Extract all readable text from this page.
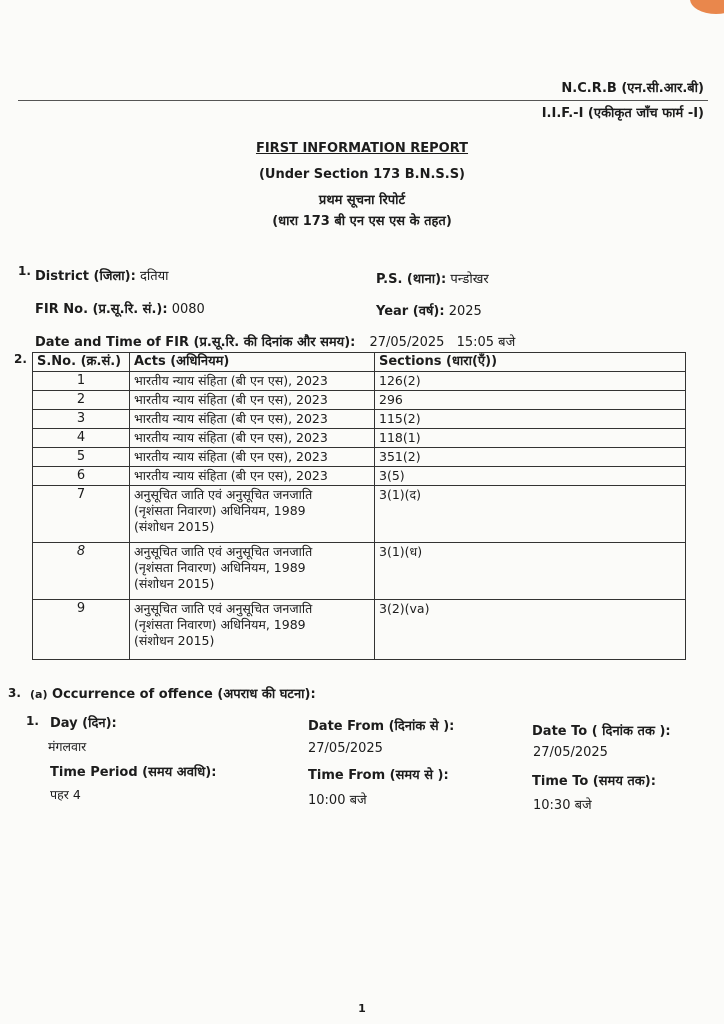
N.C.R.B (एन.सी.आर.बी)
I.I.F.-I (एकीकृत जाँच फार्म -I)
FIRST INFORMATION REPORT
(Under Section 173 B.N.S.S)
प्रथम सूचना रिपोर्ट
(धारा 173 बी एन एस एस के तहत)
1. District (जिला): दतिया	P.S. (थाना): पन्डोखर
FIR No. (प्र.सू.रि. सं.): 0080	Year (वर्ष): 2025
Date and Time of FIR (प्र.सू.रि. की दिनांक और समय): 27/05/2025 15:05 बजे
2. S.No. (क्र.सं.)	Acts (अधिनियम)	Sections (धारा(एँ))
1	भारतीय न्याय संहिता (बी एन एस), 2023	126(2)
2	भारतीय न्याय संहिता (बी एन एस), 2023	296
3	भारतीय न्याय संहिता (बी एन एस), 2023	115(2)
4	भारतीय न्याय संहिता (बी एन एस), 2023	118(1)
5	भारतीय न्याय संहिता (बी एन एस), 2023	351(2)
6	भारतीय न्याय संहिता (बी एन एस), 2023	3(5)
7	अनुसूचित जाति एवं अनुसूचित जनजाति
(नृशंसता निवारण) अधिनियम, 1989
(संशोधन 2015)	3(1)(द)
8	अनुसूचित जाति एवं अनुसूचित जनजाति
(नृशंसता निवारण) अधिनियम, 1989
(संशोधन 2015)	3(1)(ध)
9	अनुसूचित जाति एवं अनुसूचित जनजाति
(नृशंसता निवारण) अधिनियम, 1989
(संशोधन 2015)	3(2)(va)
3. (a) Occurrence of offence (अपराध की घटना):
1. Day (दिन):
मंगलवार
Date From (दिनांक से ):
27/05/2025
Date To ( दिनांक तक ):
27/05/2025
Time Period (समय अवधि):
पहर 4
Time From (समय से ):
10:00 बजे
Time To (समय तक):
10:30 बजे
1
